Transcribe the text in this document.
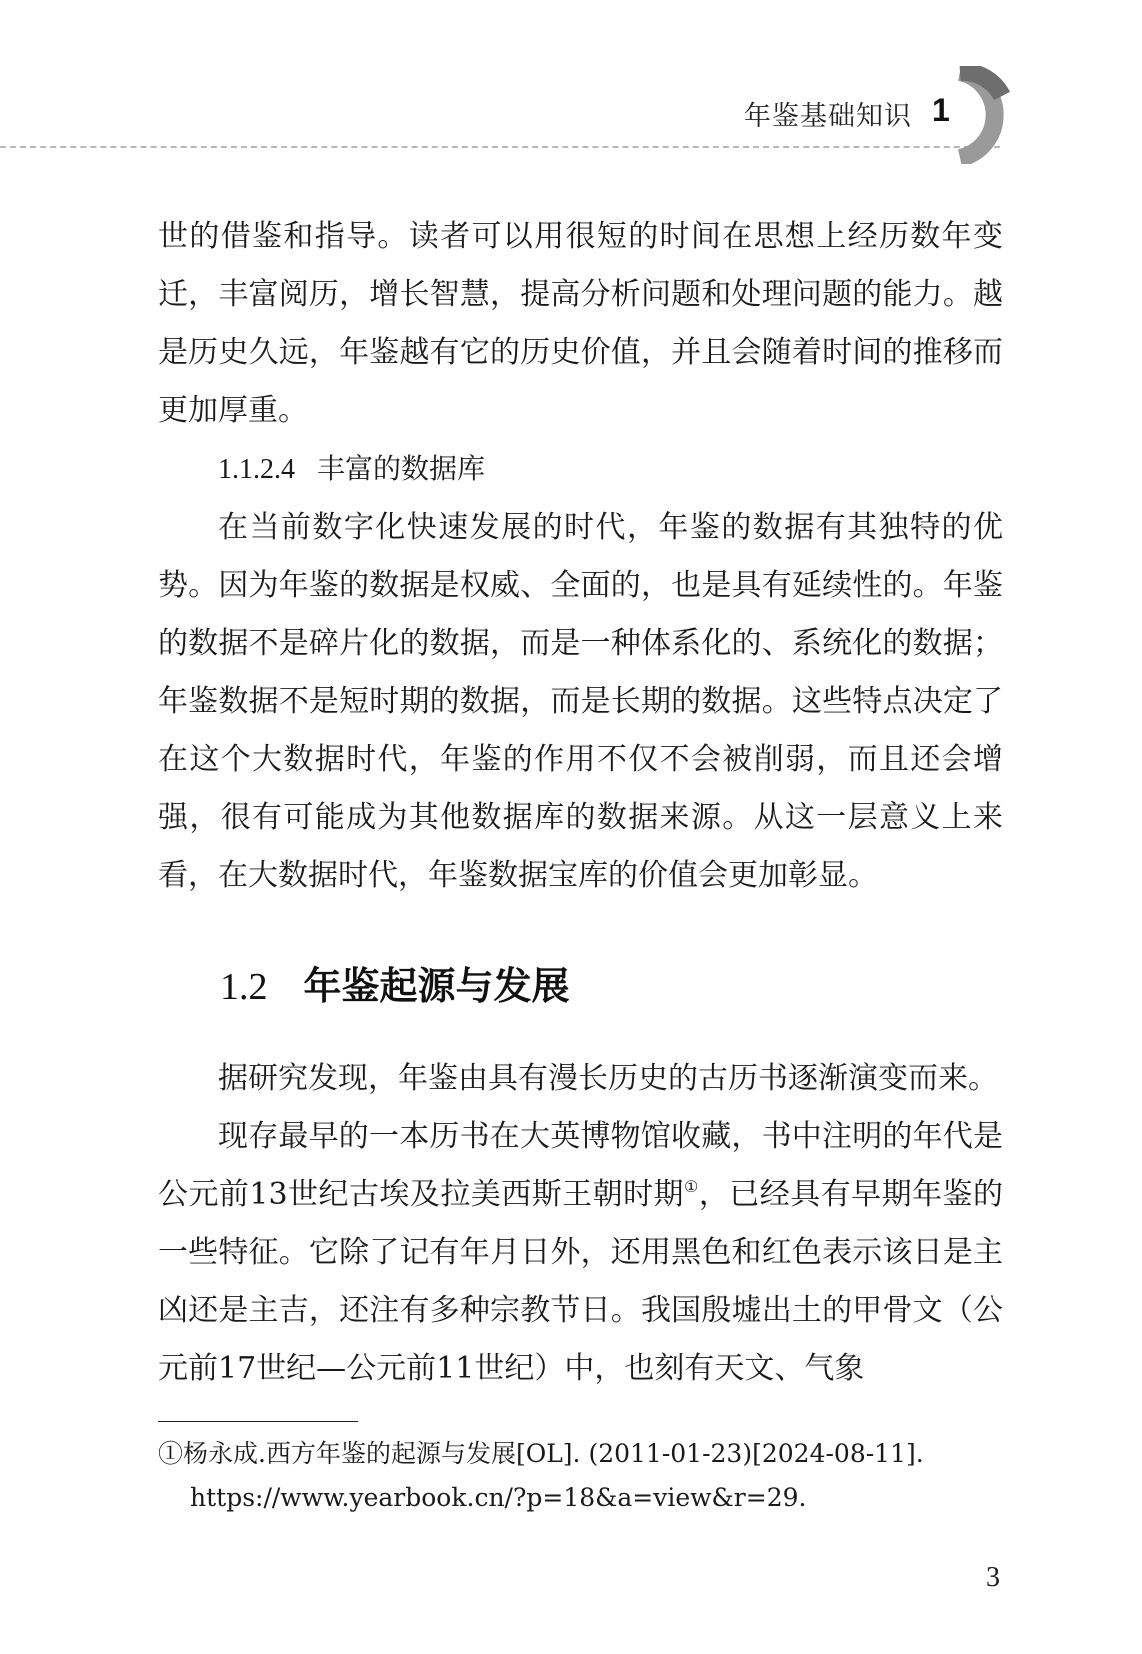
年鉴基础知识 1

世的借鉴和指导。读者可以用很短的时间在思想上经历数年变迁，丰富阅历，增长智慧，提高分析问题和处理问题的能力。越是历史久远，年鉴越有它的历史价值，并且会随着时间的推移而更加厚重。

1.1.2.4 丰富的数据库

在当前数字化快速发展的时代，年鉴的数据有其独特的优势。因为年鉴的数据是权威、全面的，也是具有延续性的。年鉴的数据不是碎片化的数据，而是一种体系化的、系统化的数据；年鉴数据不是短时期的数据，而是长期的数据。这些特点决定了在这个大数据时代，年鉴的作用不仅不会被削弱，而且还会增强，很有可能成为其他数据库的数据来源。从这一层意义上来看，在大数据时代，年鉴数据宝库的价值会更加彰显。

1.2 年鉴起源与发展

据研究发现，年鉴由具有漫长历史的古历书逐渐演变而来。

现存最早的一本历书在大英博物馆收藏，书中注明的年代是公元前13世纪古埃及拉美西斯王朝时期①，已经具有早期年鉴的一些特征。它除了记有年月日外，还用黑色和红色表示该日是主凶还是主吉，还注有多种宗教节日。我国殷墟出土的甲骨文（公元前17世纪—公元前11世纪）中，也刻有天文、气象

①杨永成.西方年鉴的起源与发展[OL]. (2011-01-23)[2024-08-11].
https://www.yearbook.cn/?p=18&a=view&r=29.
3
